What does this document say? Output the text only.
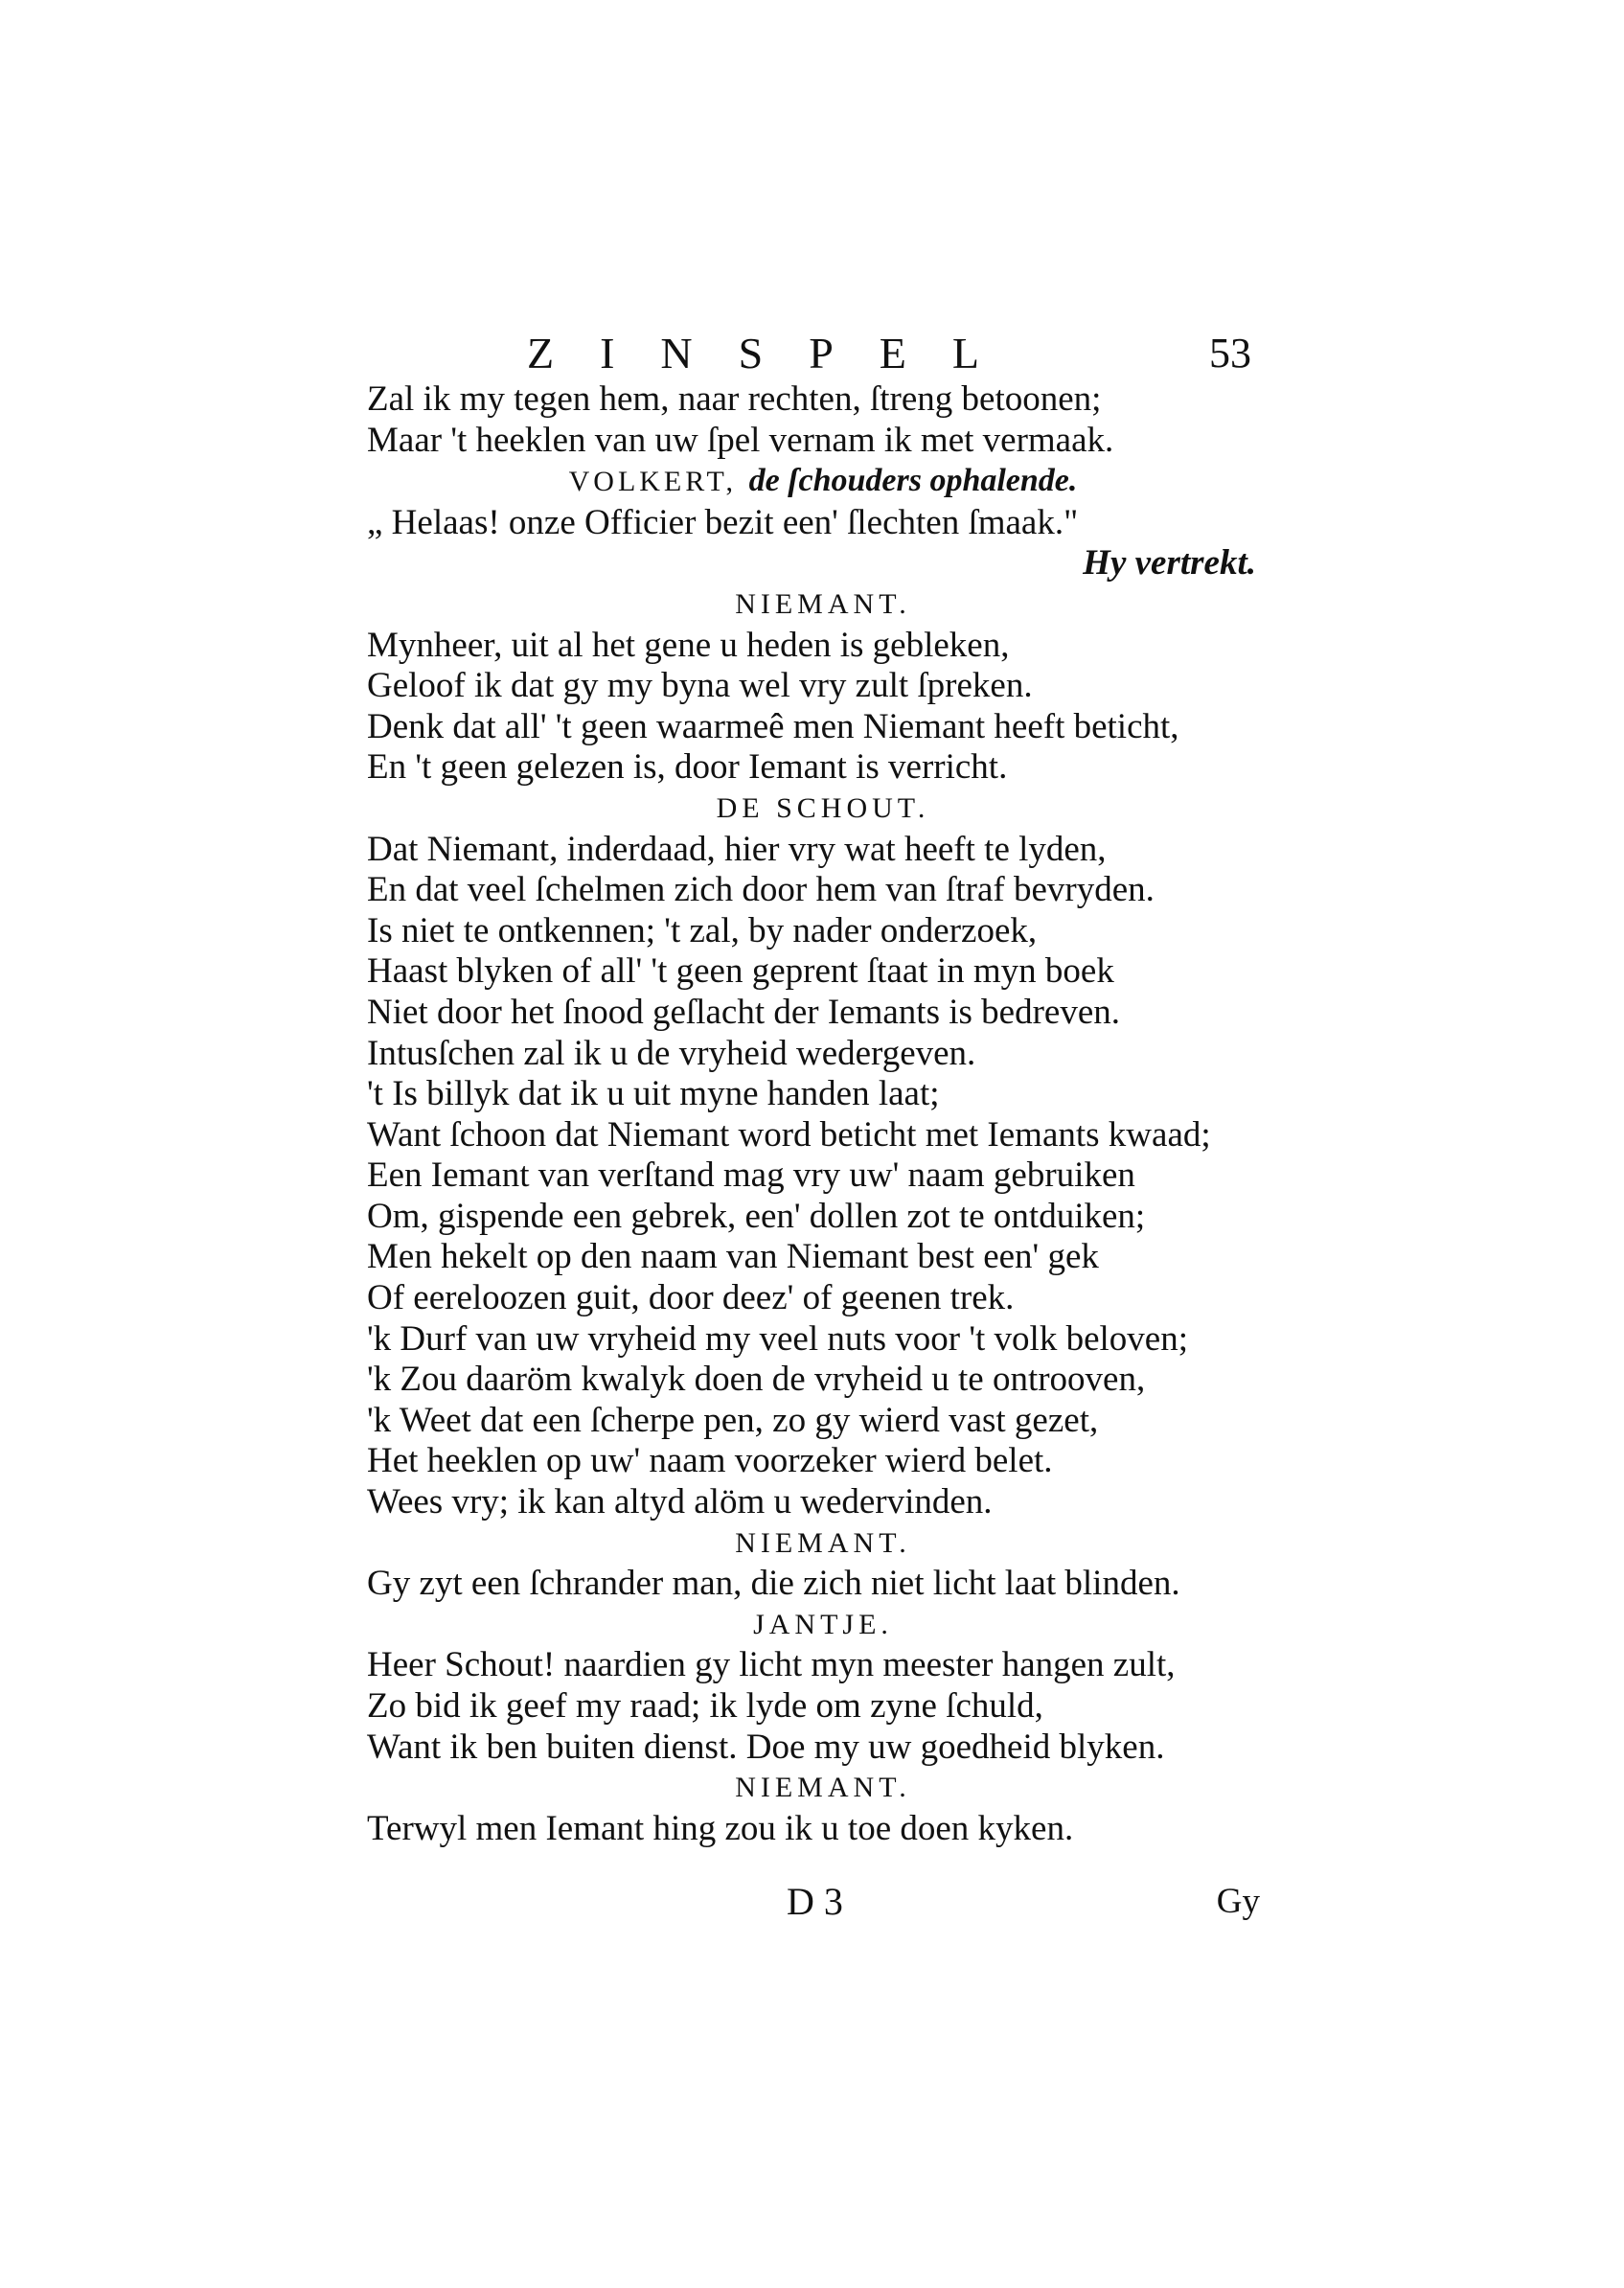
ZINSPEL	53
Zal ik my tegen hem, naar rechten, ſtreng betoonen;
Maar 't heeklen van uw ſpel vernam ik met vermaak.
VOLKERT, de ſchouders ophalende.
„ Helaas! onze Officier bezit een' ſlechten ſmaak."
Hy vertrekt.
NIEMANT.
Mynheer, uit al het gene u heden is gebleken,
Geloof ik dat gy my byna wel vry zult ſpreken.
Denk dat all' 't geen waarmeê men Niemant heeft beticht,
En 't geen gelezen is, door Iemant is verricht.
DE SCHOUT.
Dat Niemant, inderdaad, hier vry wat heeft te lyden,
En dat veel ſchelmen zich door hem van ſtraf bevryden.
Is niet te ontkennen; 't zal, by nader onderzoek,
Haast blyken of all' 't geen geprent ſtaat in myn boek
Niet door het ſnood geſlacht der Iemants is bedreven.
Intusſchen zal ik u de vryheid wedergeven.
't Is billyk dat ik u uit myne handen laat;
Want ſchoon dat Niemant word beticht met Iemants kwaad;
Een Iemant van verſtand mag vry uw' naam gebruiken
Om, gispende een gebrek, een' dollen zot te ontduiken;
Men hekelt op den naam van Niemant best een' gek
Of eereloozen guit, door deez' of geenen trek.
'k Durf van uw vryheid my veel nuts voor 't volk beloven;
'k Zou daaröm kwalyk doen de vryheid u te ontrooven,
'k Weet dat een ſcherpe pen, zo gy wierd vast gezet,
Het heeklen op uw' naam voorzeker wierd belet.
Wees vry; ik kan altyd alöm u wedervinden.
NIEMANT.
Gy zyt een ſchrander man, die zich niet licht laat blinden.
JANTJE.
Heer Schout! naardien gy licht myn meester hangen zult,
Zo bid ik geef my raad; ik lyde om zyne ſchuld,
Want ik ben buiten dienst. Doe my uw goedheid blyken.
NIEMANT.
Terwyl men Iemant hing zou ik u toe doen kyken.
D 3	Gy
